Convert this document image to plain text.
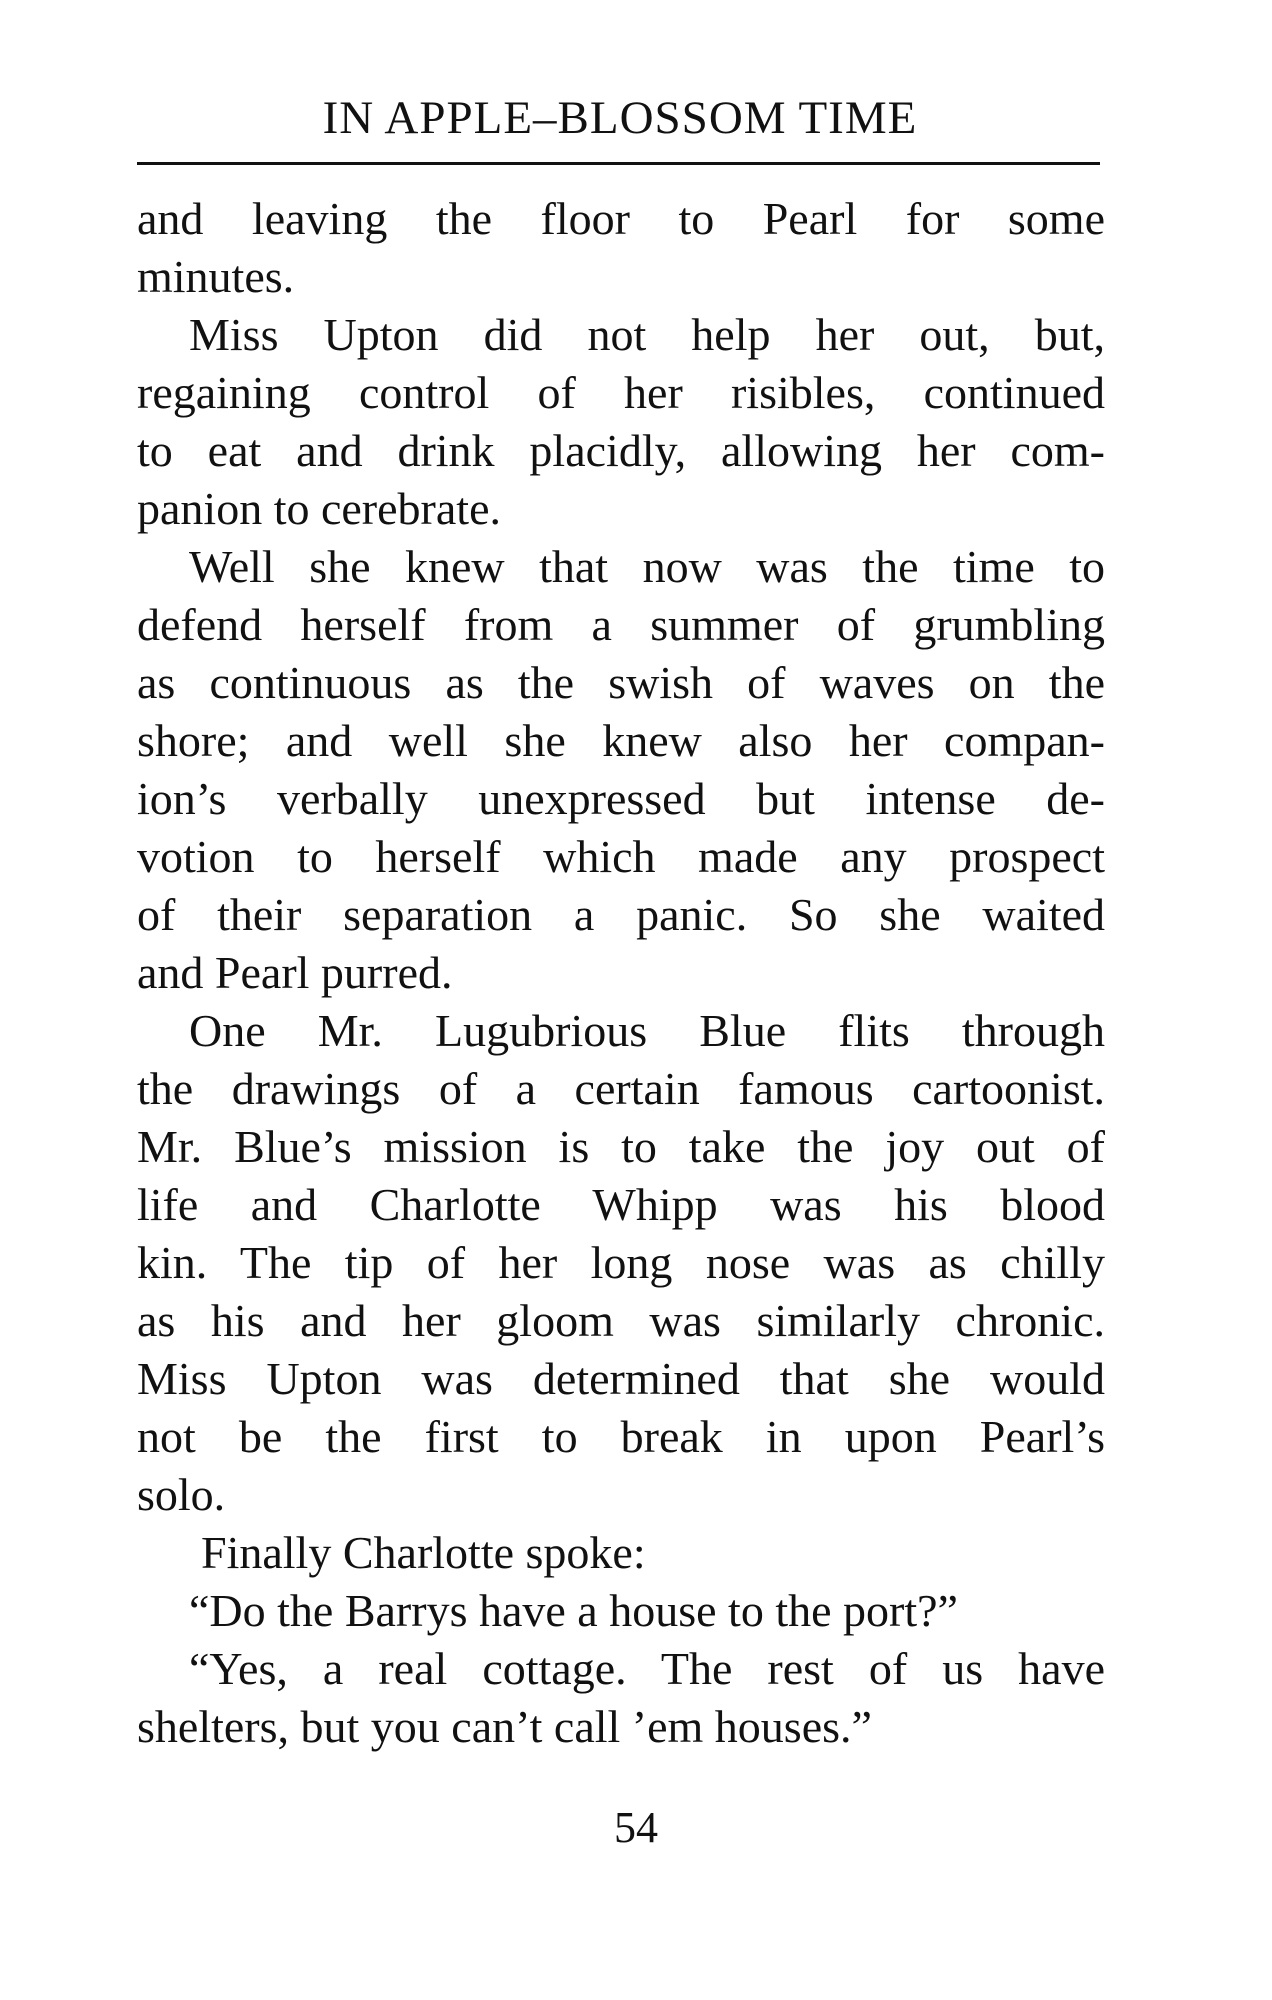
IN APPLE–BLOSSOM TIME
and leaving the floor to Pearl for some
minutes.
Miss Upton did not help her out, but,
regaining control of her risibles, continued
to eat and drink placidly, allowing her com-
panion to cerebrate.
Well she knew that now was the time to
defend herself from a summer of grumbling
as continuous as the swish of waves on the
shore; and well she knew also her compan-
ion’s verbally unexpressed but intense de-
votion to herself which made any prospect
of their separation a panic. So she waited
and Pearl purred.
One Mr. Lugubrious Blue flits through
the drawings of a certain famous cartoonist.
Mr. Blue’s mission is to take the joy out of
life and Charlotte Whipp was his blood
kin. The tip of her long nose was as chilly
as his and her gloom was similarly chronic.
Miss Upton was determined that she would
not be the first to break in upon Pearl’s
solo.
Finally Charlotte spoke:
“Do the Barrys have a house to the port?”
“Yes, a real cottage. The rest of us have
shelters, but you can’t call ’em houses.”
54
